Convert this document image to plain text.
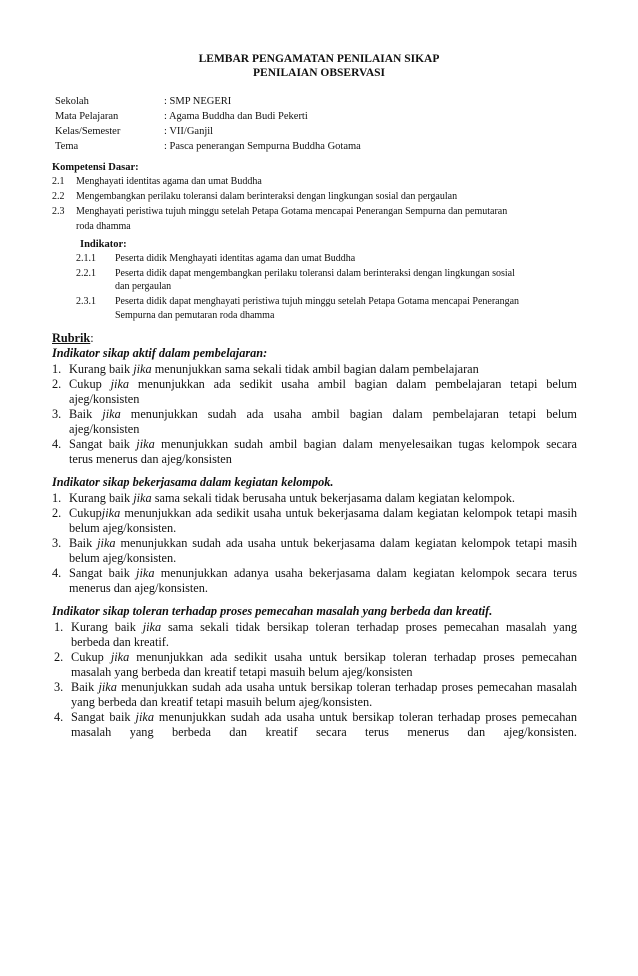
LEMBAR PENGAMATAN PENILAIAN SIKAP
PENILAIAN OBSERVASI
Sekolah	: SMP NEGERI
Mata Pelajaran	: Agama Buddha dan Budi Pekerti
Kelas/Semester	: VII/Ganjil
Tema	: Pasca penerangan Sempurna Buddha Gotama
Kompetensi Dasar:
2.1 Menghayati identitas agama dan umat Buddha
2.2 Mengembangkan perilaku toleransi dalam berinteraksi dengan lingkungan sosial dan pergaulan
2.3 Menghayati peristiwa tujuh minggu setelah Petapa Gotama mencapai Penerangan Sempurna dan pemutaran
roda dhamma
Indikator:
2.1.1 Peserta didik Menghayati identitas agama dan umat Buddha
2.2.1 Peserta didik dapat mengembangkan perilaku toleransi dalam berinteraksi dengan lingkungan sosial
dan pergaulan
2.3.1 Peserta didik dapat menghayati peristiwa tujuh minggu setelah Petapa Gotama mencapai Penerangan
Sempurna dan pemutaran roda dhamma
Rubrik:
Indikator sikap aktif dalam pembelajaran:
1. Kurang baik jika menunjukkan sama sekali tidak ambil bagian dalam pembelajaran
2. Cukup jika menunjukkan ada sedikit usaha ambil bagian dalam pembelajaran tetapi belum
ajeg/konsisten
3. Baik jika menunjukkan sudah ada usaha ambil bagian dalam pembelajaran tetapi belum
ajeg/konsisten
4. Sangat baik jika menunjukkan sudah ambil bagian dalam menyelesaikan tugas kelompok secara
terus menerus dan ajeg/konsisten
Indikator sikap bekerjasama dalam kegiatan kelompok.
1. Kurang baik jika sama sekali tidak berusaha untuk bekerjasama dalam kegiatan kelompok.
2. Cukupjika menunjukkan ada sedikit usaha untuk bekerjasama dalam kegiatan kelompok tetapi masih
belum ajeg/konsisten.
3. Baik jika menunjukkan sudah ada usaha untuk bekerjasama dalam kegiatan kelompok tetapi masih
belum ajeg/konsisten.
4. Sangat baik jika menunjukkan adanya usaha bekerjasama dalam kegiatan kelompok secara terus
menerus dan ajeg/konsisten.
Indikator sikap toleran terhadap proses pemecahan masalah yang berbeda dan kreatif.
1. Kurang baik jika sama sekali tidak bersikap toleran terhadap proses pemecahan masalah yang
berbeda dan kreatif.
2. Cukup jika menunjukkan ada sedikit usaha untuk bersikap toleran terhadap proses pemecahan
masalah yang berbeda dan kreatif tetapi masuih belum ajeg/konsisten
3. Baik jika menunjukkan sudah ada usaha untuk bersikap toleran terhadap proses pemecahan masalah
yang berbeda dan kreatif tetapi masuih belum ajeg/konsisten.
4. Sangat baik jika menunjukkan sudah ada usaha untuk bersikap toleran terhadap proses pemecahan
masalah yang berbeda dan kreatif secara terus menerus dan ajeg/konsisten.
